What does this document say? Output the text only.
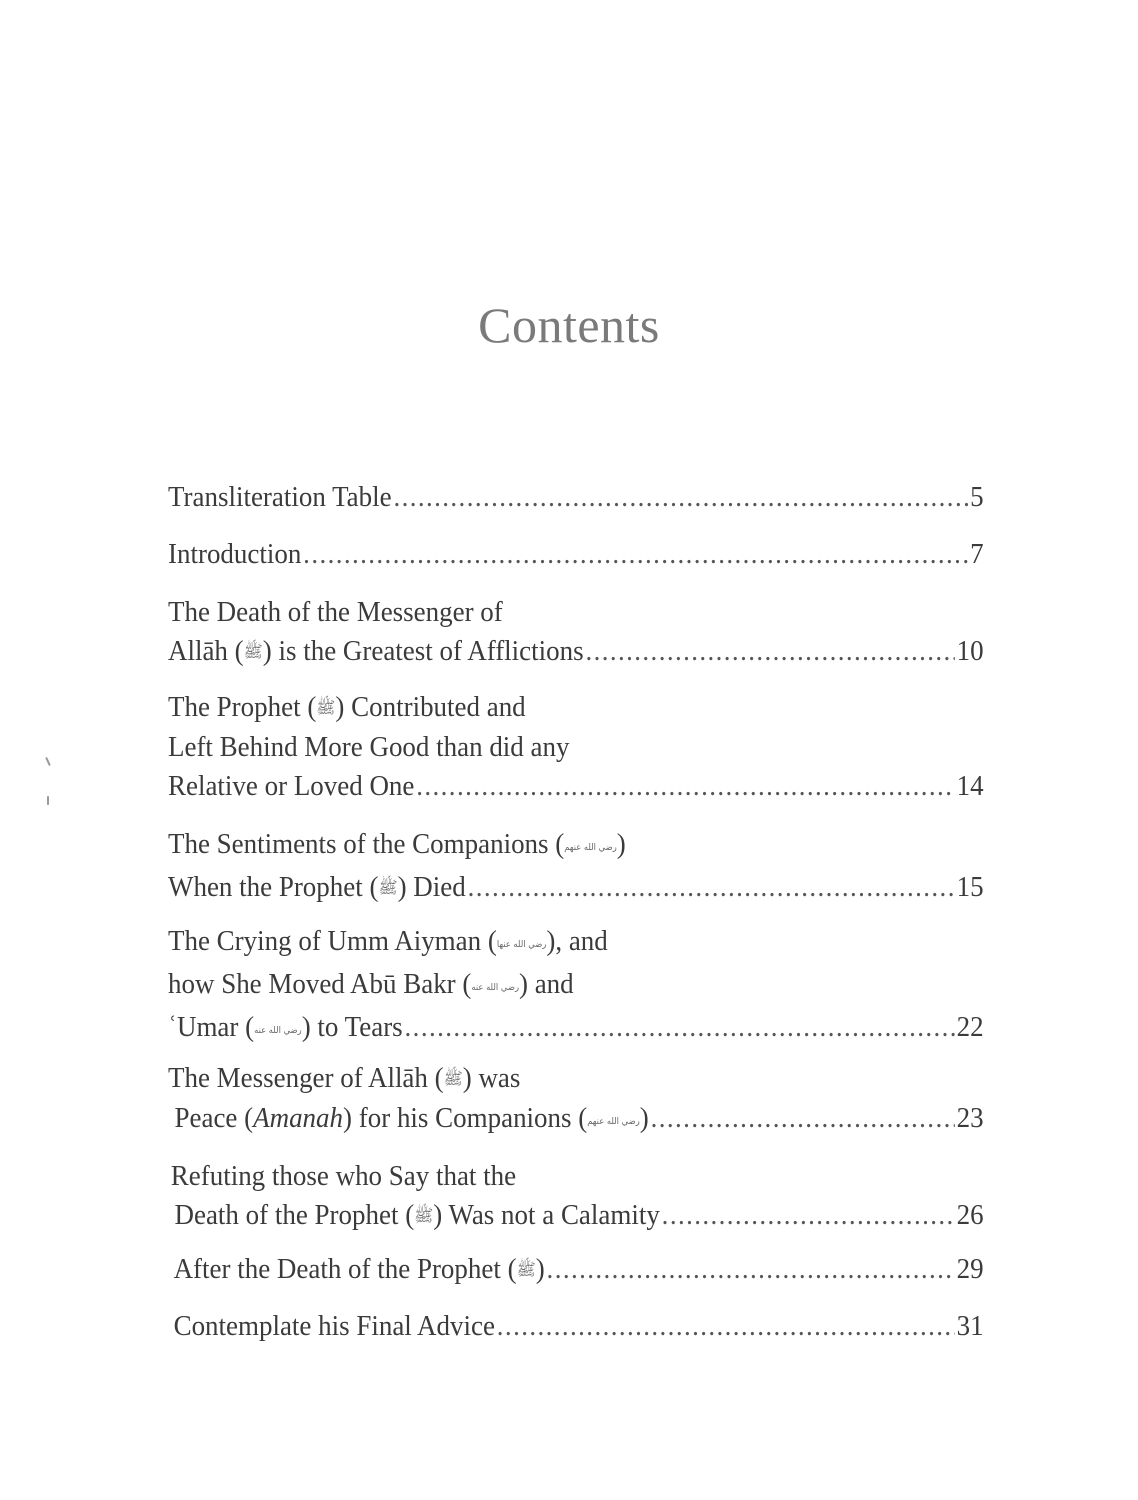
Contents
Transliteration Table .....	5
Introduction .....	7
The Death of the Messenger of
Allāh (ﷺ) is the Greatest of Afflictions .....	10
The Prophet (ﷺ) Contributed and
Left Behind More Good than did any
Relative or Loved One .....	14
The Sentiments of the Companions (رضي الله عنهم)
When the Prophet (ﷺ) Died .....	15
The Crying of Umm Aiyman (رضي الله عنها), and
how She Moved Abū Bakr (رضي الله عنه) and
ʿUmar (رضي الله عنه) to Tears .....	22
The Messenger of Allāh (ﷺ) was
Peace (Amanah) for his Companions (رضي الله عنهم) .....	23
Refuting those who Say that the
Death of the Prophet (ﷺ) Was not a Calamity .....	26
After the Death of the Prophet (ﷺ) .....	29
Contemplate his Final Advice .....	31
